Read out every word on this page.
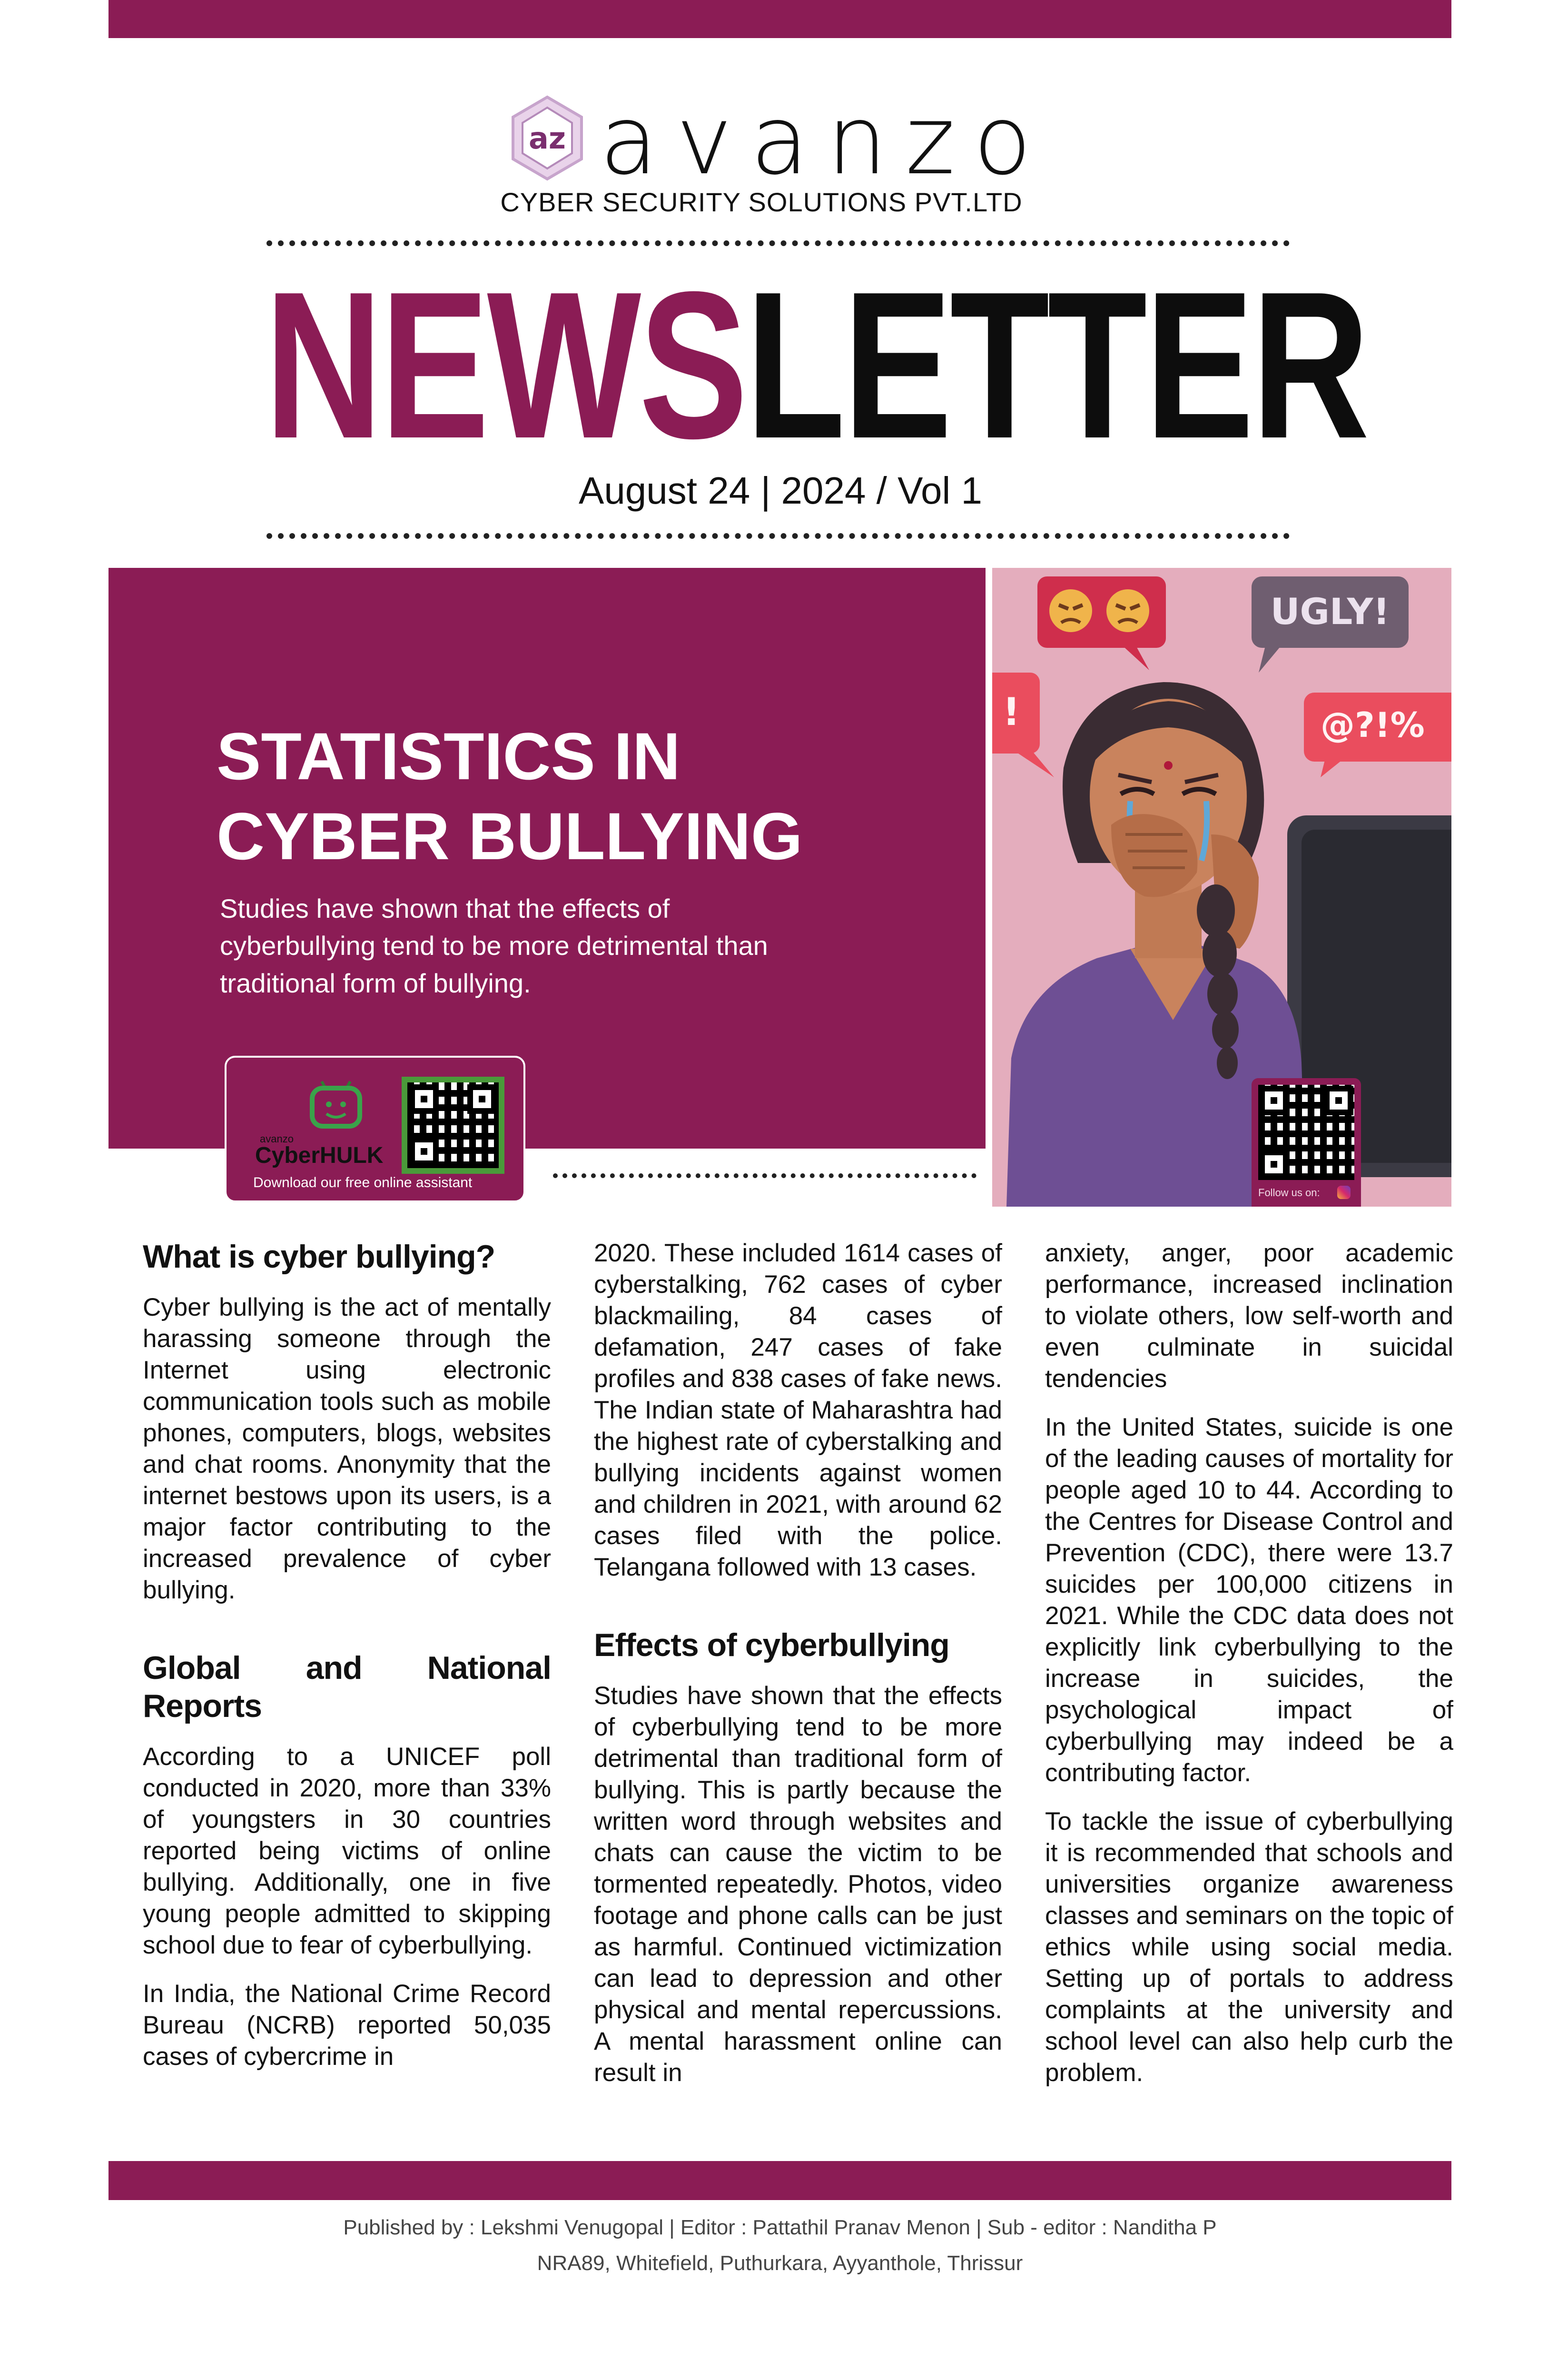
az avanzo
CYBER SECURITY SOLUTIONS PVT.LTD
NEWSLETTER
August 24 | 2024 / Vol 1
STATISTICS IN
CYBER BULLYING
Studies have shown that the effects of cyberbullying tend to be more detrimental than traditional form of bullying.
avanzo
CyberHULK
Download our free online assistant
UGLY!
@?!%
!
Follow us on:
What is cyber bullying?

Cyber bullying is the act of mentally harassing someone through the Internet using electronic communication tools such as mobile phones, computers, blogs, websites and chat rooms. Anonymity that the internet bestows upon its users, is a major factor contributing to the increased prevalence of cyber bullying.

Global and National Reports

According to a UNICEF poll conducted in 2020, more than 33% of youngsters in 30 countries reported being victims of online bullying. Additionally, one in five young people admitted to skipping school due to fear of cyberbullying.

In India, the National Crime Record Bureau (NCRB) reported 50,035 cases of cybercrime in

2020. These included 1614 cases of cyberstalking, 762 cases of cyber blackmailing, 84 cases of defamation, 247 cases of fake profiles and 838 cases of fake news. The Indian state of Maharashtra had the highest rate of cyberstalking and bullying incidents against women and children in 2021, with around 62 cases filed with the police. Telangana followed with 13 cases.

Effects of cyberbullying

Studies have shown that the effects of cyberbullying tend to be more detrimental than traditional form of bullying. This is partly because the written word through websites and chats can cause the victim to be tormented repeatedly. Photos, video footage and phone calls can be just as harmful. Continued victimization can lead to depression and other physical and mental repercussions. A mental harassment online can result in

anxiety, anger, poor academic performance, increased inclination to violate others, low self-worth and even culminate in suicidal tendencies

In the United States, suicide is one of the leading causes of mortality for people aged 10 to 44. According to the Centres for Disease Control and Prevention (CDC), there were 13.7 suicides per 100,000 citizens in 2021. While the CDC data does not explicitly link cyberbullying to the increase in suicides, the psychological impact of cyberbullying may indeed be a contributing factor.

To tackle the issue of cyberbullying it is recommended that schools and universities organize awareness classes and seminars on the topic of ethics while using social media. Setting up of portals to address complaints at the university and school level can also help curb the problem.

Published by : Lekshmi Venugopal | Editor : Pattathil Pranav Menon | Sub - editor : Nanditha P
NRA89, Whitefield, Puthurkara, Ayyanthole, Thrissur
